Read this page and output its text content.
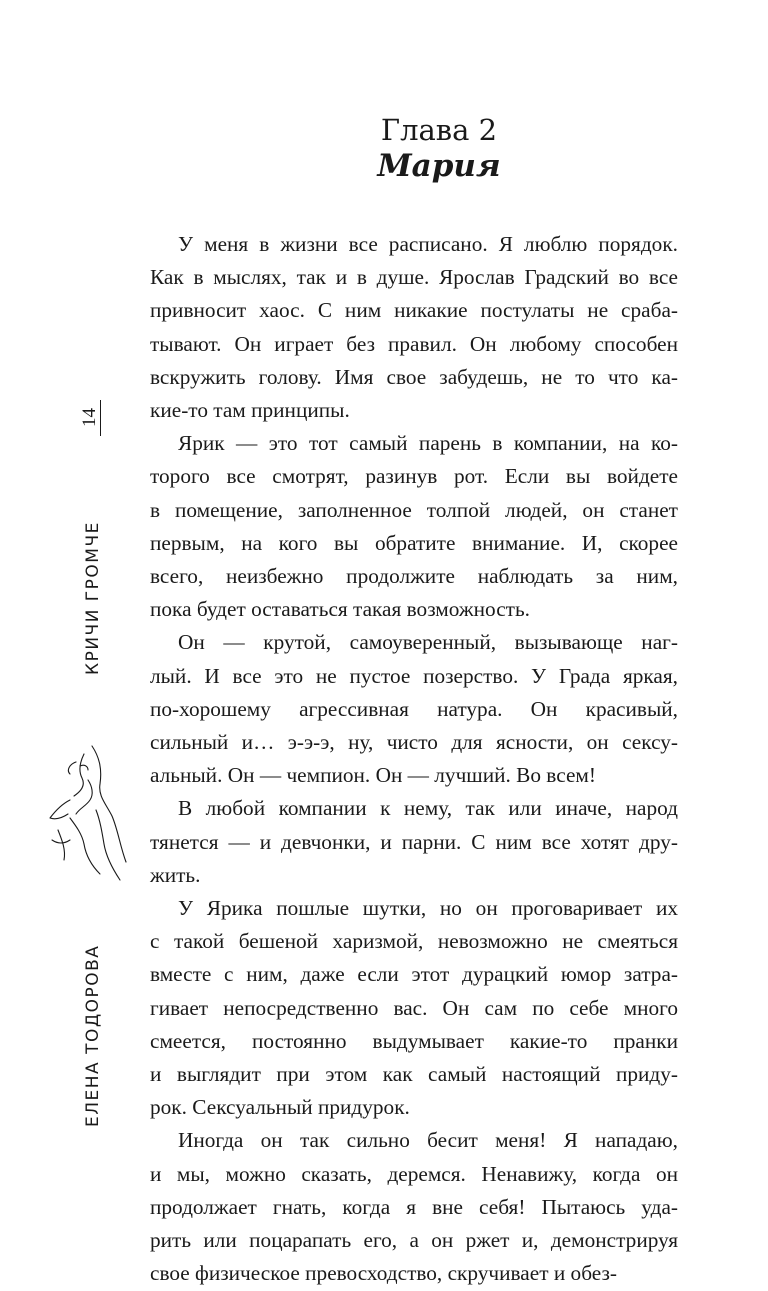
Глава 2
Мария
У меня в жизни все расписано. Я люблю порядок.
Как в мыслях, так и в душе. Ярослав Градский во все
привносит хаос. С ним никакие постулаты не сраба-
тывают. Он играет без правил. Он любому способен
вскружить голову. Имя свое забудешь, не то что ка-
кие-то там принципы.
Ярик — это тот самый парень в компании, на ко-
торого все смотрят, разинув рот. Если вы войдете
в помещение, заполненное толпой людей, он станет
первым, на кого вы обратите внимание. И, скорее
всего, неизбежно продолжите наблюдать за ним,
пока будет оставаться такая возможность.
Он — крутой, самоуверенный, вызывающе наг-
лый. И все это не пустое позерство. У Града яркая,
по-хорошему агрессивная натура. Он красивый,
сильный и… э-э-э, ну, чисто для ясности, он сексу-
альный. Он — чемпион. Он — лучший. Во всем!
В любой компании к нему, так или иначе, народ
тянется — и девчонки, и парни. С ним все хотят дру-
жить.
У Ярика пошлые шутки, но он проговаривает их
с такой бешеной харизмой, невозможно не смеяться
вместе с ним, даже если этот дурацкий юмор затра-
гивает непосредственно вас. Он сам по себе много
смеется, постоянно выдумывает какие-то пранки
и выглядит при этом как самый настоящий приду-
рок. Сексуальный придурок.
Иногда он так сильно бесит меня! Я нападаю,
и мы, можно сказать, деремся. Ненавижу, когда он
продолжает гнать, когда я вне себя! Пытаюсь уда-
рить или поцарапать его, а он ржет и, демонстрируя
свое физическое превосходство, скручивает и обез-
14
КРИЧИ ГРОМЧЕ
ЕЛЕНА ТОДОРОВА
